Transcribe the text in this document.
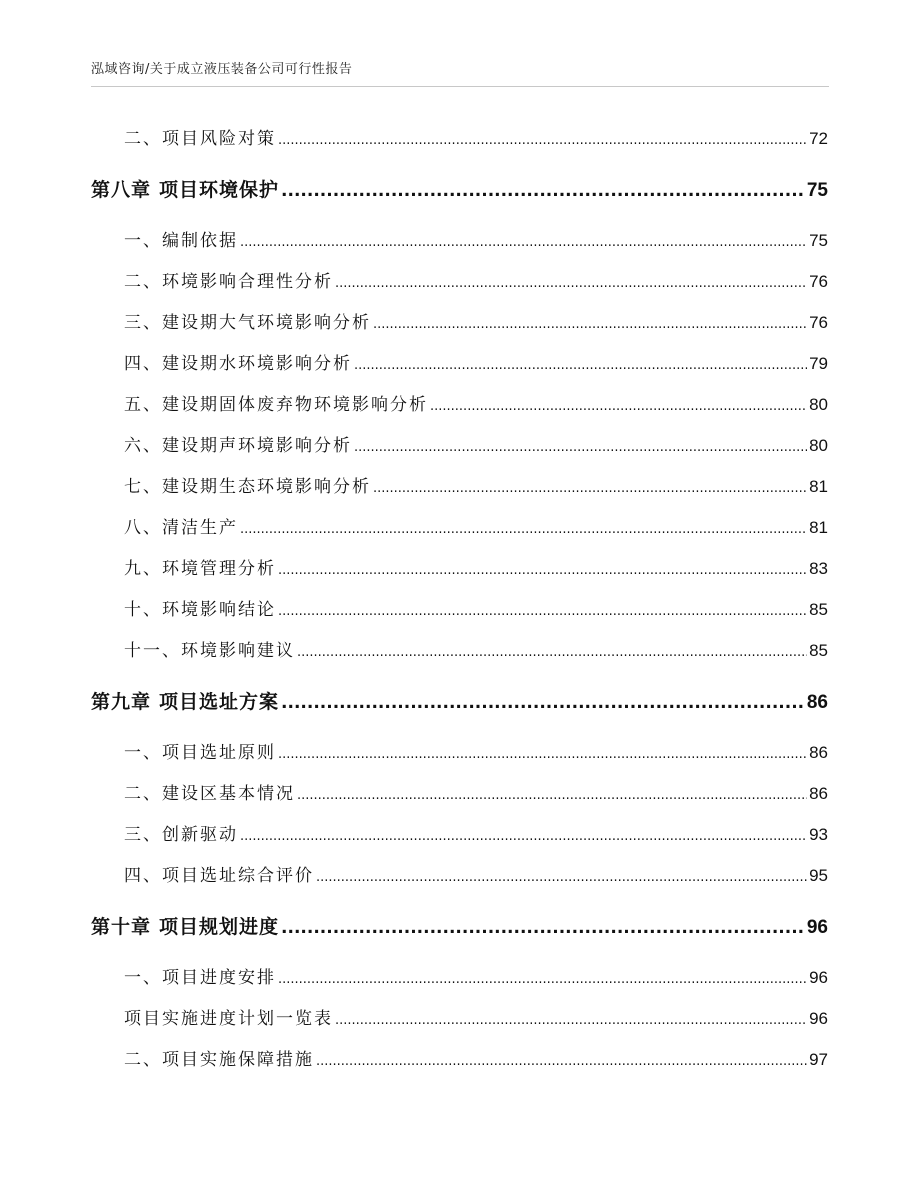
泓域咨询/关于成立液压装备公司可行性报告
二、 项目风险对策 .....	72
第八章 项目环境保护 .....	75
一、 编制依据 .....	75
二、 环境影响合理性分析 .....	76
三、 建设期大气环境影响分析 .....	76
四、 建设期水环境影响分析 .....	79
五、 建设期固体废弃物环境影响分析 .....	80
六、 建设期声环境影响分析 .....	80
七、 建设期生态环境影响分析 .....	81
八、 清洁生产 .....	81
九、 环境管理分析 .....	83
十、 环境影响结论 .....	85
十一、 环境影响建议 .....	85
第九章 项目选址方案 .....	86
一、 项目选址原则 .....	86
二、 建设区基本情况 .....	86
三、 创新驱动 .....	93
四、 项目选址综合评价 .....	95
第十章 项目规划进度 .....	96
一、 项目进度安排 .....	96
项目实施进度计划一览表 .....	96
二、 项目实施保障措施 .....	97
